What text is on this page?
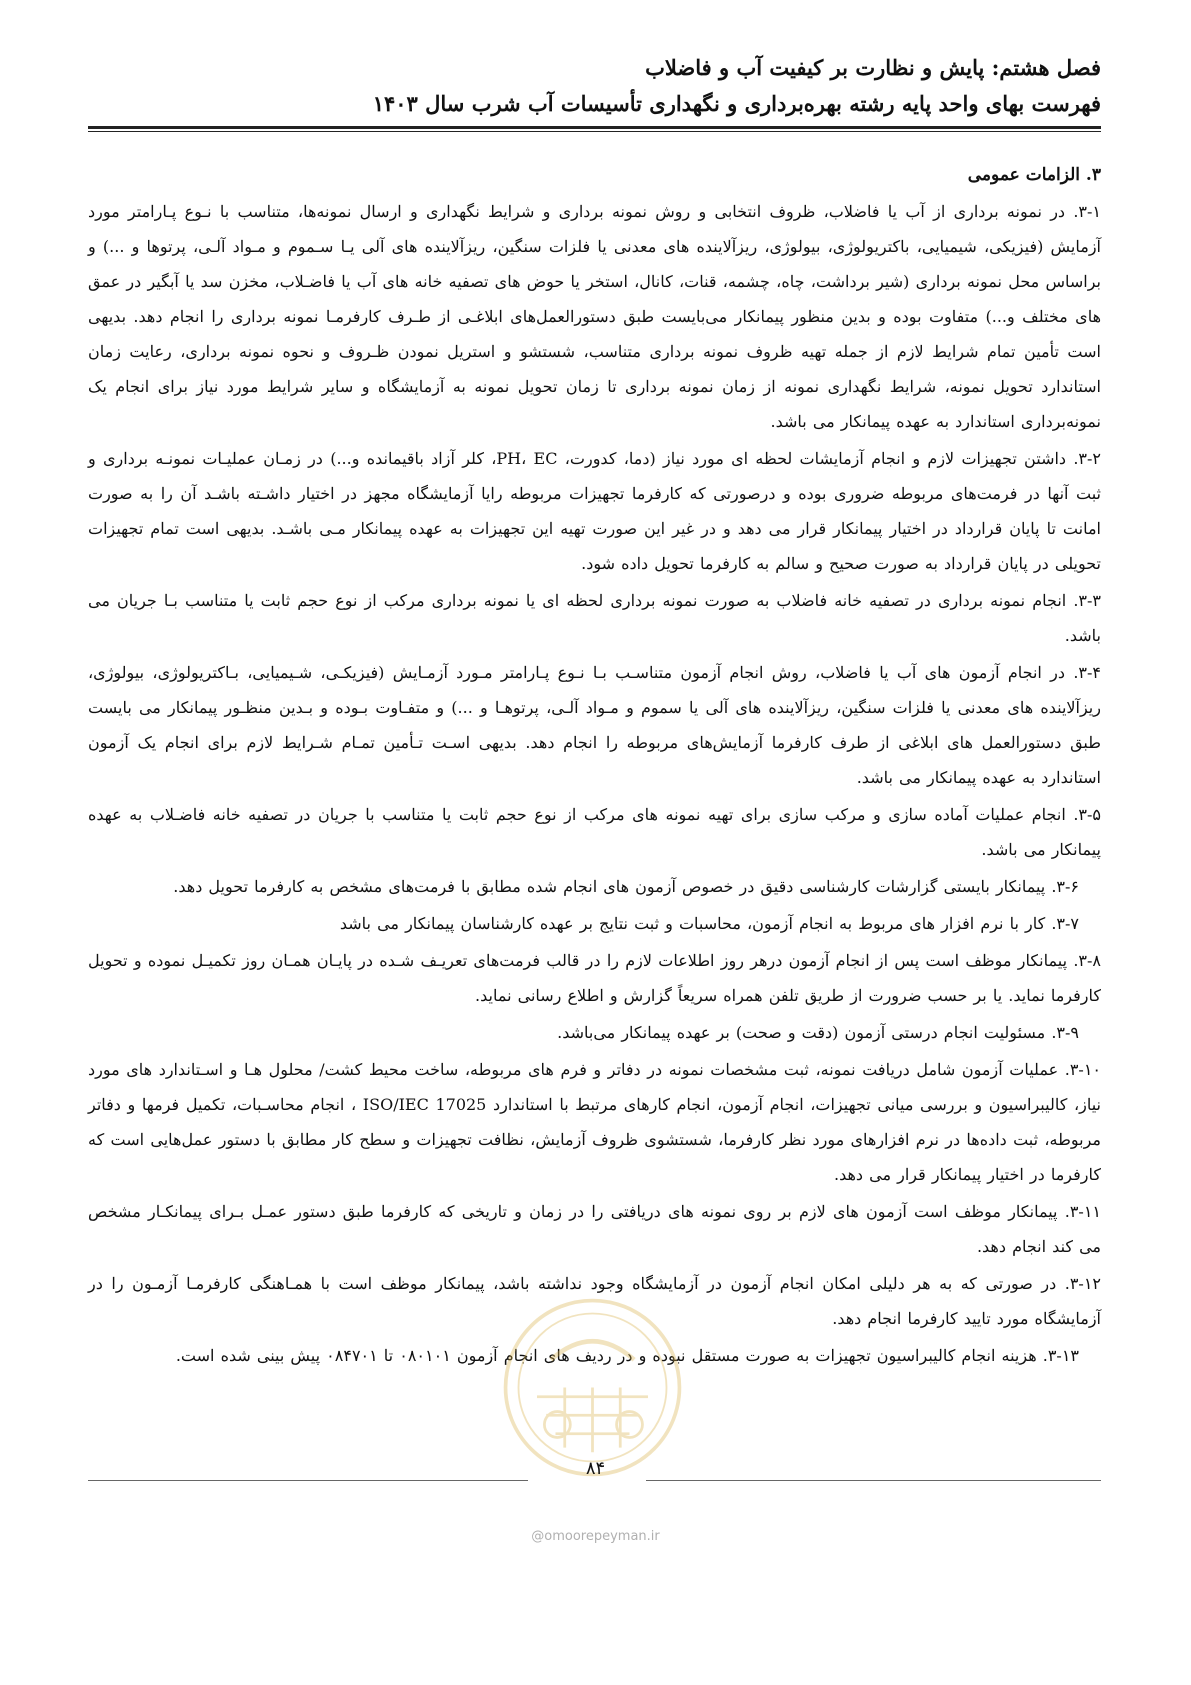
فصل هشتم: پایش و نظارت بر کیفیت آب و فاضلاب

فهرست بهای واحد پایه رشته بهره‌برداری و نگهداری تأسیسات آب شرب سال ۱۴۰۳

۳. الزامات عمومی

۳-۱. در نمونه برداری از آب یا فاضلاب، ظروف انتخابی و روش نمونه برداری و شرایط نگهداری و ارسال نمونه‌ها، متناسب با نـوع پـارامتر مورد آزمایش (فیزیکی، شیمیایی، باکتریولوژی، بیولوژی، ریزآلاینده های معدنی یا فلزات سنگین، ریزآلاینده های آلی یـا سـموم و مـواد آلـی، پرتوها و ...) و براساس محل نمونه برداری (شیر برداشت، چاه، چشمه، قنات، کانال، استخر یا حوض های تصفیه خانه های آب یا فاضـلاب، مخزن سد یا آبگیر در عمق های مختلف و...) متفاوت بوده و بدین منظور پیمانکار می‌بایست طبق دستورالعمل‌های ابلاغـی از طـرف کارفرمـا نمونه برداری را انجام دهد. بدیهی است تأمین تمام شرایط لازم از جمله تهیه ظروف نمونه برداری متناسب، شستشو و استریل نمودن ظـروف و نحوه نمونه برداری، رعایت زمان استاندارد تحویل نمونه، شرایط نگهداری نمونه از زمان نمونه برداری تا زمان تحویل نمونه به آزمایشگاه و سایر شرایط مورد نیاز برای انجام یک نمونه‌برداری استاندارد به عهده پیمانکار می باشد.

۳-۲. داشتن تجهیزات لازم و انجام آزمایشات لحظه ای مورد نیاز (دما، کدورت، PH، EC، کلر آزاد باقیمانده و...) در زمـان عملیـات نمونـه برداری و ثبت آنها در فرمت‌های مربوطه ضروری بوده و درصورتی که کارفرما تجهیزات مربوطه رایا آزمایشگاه مجهز در اختیار داشـته باشـد آن را به صورت امانت تا پایان قرارداد در اختیار پیمانکار قرار می دهد و در غیر این صورت تهیه این تجهیزات به عهده پیمانکار مـی باشـد. بدیهی است تمام تجهیزات تحویلی در پایان قرارداد به صورت صحیح و سالم به کارفرما تحویل داده شود.

۳-۳. انجام نمونه برداری در تصفیه خانه فاضلاب به صورت نمونه برداری لحظه ای یا نمونه برداری مرکب از نوع حجم ثابت یا متناسب بـا جریان می باشد.

۳-۴. در انجام آزمون های آب یا فاضلاب، روش انجام آزمون متناسـب بـا نـوع پـارامتر مـورد آزمـایش (فیزیکـی، شـیمیایی، بـاکتریولوژی، بیولوژی، ریزآلاینده های معدنی یا فلزات سنگین، ریزآلاینده های آلی یا سموم و مـواد آلـی، پرتوهـا و ...) و متفـاوت بـوده و بـدین منظـور پیمانکار می بایست طبق دستورالعمل های ابلاغی از طرف کارفرما آزمایش‌های مربوطه را انجام دهد. بدیهی اسـت تـأمین تمـام شـرایط لازم برای انجام یک آزمون استاندارد به عهده پیمانکار می باشد.

۳-۵. انجام عملیات آماده سازی و مرکب سازی برای تهیه نمونه های مرکب از نوع حجم ثابت یا متناسب با جریان در تصفیه خانه فاضـلاب به عهده پیمانکار می باشد.

۳-۶. پیمانکار بایستی گزارشات کارشناسی دقیق در خصوص آزمون های انجام شده مطابق با فرمت‌های مشخص به کارفرما تحویل دهد.

۳-۷. کار با نرم افزار های مربوط به انجام آزمون، محاسبات و ثبت نتایج بر عهده کارشناسان پیمانکار می باشد

۳-۸. پیمانکار موظف است پس از انجام آزمون درهر روز اطلاعات لازم را در قالب فرمت‌های تعریـف شـده در پایـان همـان روز تکمیـل نموده و تحویل کارفرما نماید. یا بر حسب ضرورت از طریق تلفن همراه سریعاً گزارش و اطلاع رسانی نماید.

۳-۹. مسئولیت انجام درستی آزمون (دقت و صحت) بر عهده پیمانکار می‌باشد.

۳-۱۰. عملیات آزمون شامل دریافت نمونه، ثبت مشخصات نمونه در دفاتر و فرم های مربوطه، ساخت محیط کشت/ محلول هـا و اسـتاندارد های مورد نیاز، کالیبراسیون و بررسی میانی تجهیزات، انجام آزمون، انجام کارهای مرتبط با استاندارد ISO/IEC 17025 ، انجام محاسـبات، تکمیل فرمها و دفاتر مربوطه، ثبت داده‌ها در نرم افزارهای مورد نظر کارفرما، شستشوی ظروف آزمایش، نظافت تجهیزات و سطح کار مطابق با دستور عمل‌هایی است که کارفرما در اختیار پیمانکار قرار می دهد.

۳-۱۱. پیمانکار موظف است آزمون های لازم بر روی نمونه های دریافتی را در زمان و تاریخی که کارفرما طبق دستور عمـل بـرای پیمانکـار مشخص می کند انجام دهد.

۳-۱۲. در صورتی که به هر دلیلی امکان انجام آزمون در آزمایشگاه وجود نداشته باشد، پیمانکار موظف است با همـاهنگی کارفرمـا آزمـون را در آزمایشگاه مورد تایید کارفرما انجام دهد.

۳-۱۳. هزینه انجام کالیبراسیون تجهیزات به صورت مستقل نبوده و در ردیف های انجام آزمون ۰۸۰۱۰۱ تا ۰۸۴۷۰۱ پیش بینی شده است.

۸۴
@omoorepeyman.ir
